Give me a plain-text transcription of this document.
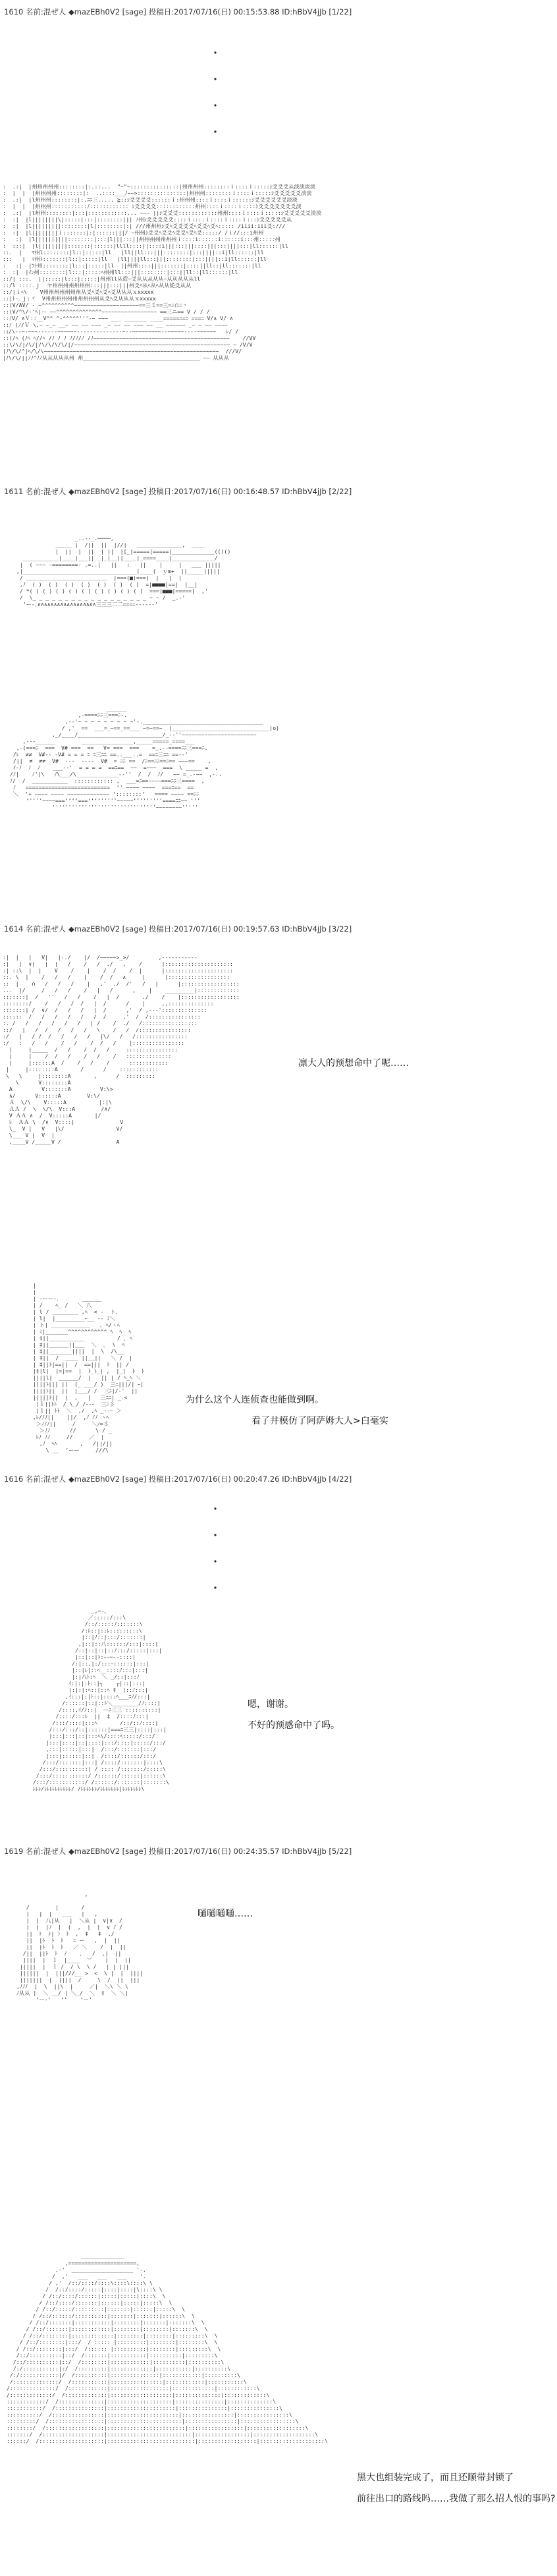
1610 名前:混ぜ人 ◆mazEBh0V2 [sage] 投稿日:2017/07/16(日) 00:15:53.88 ID:hBbV4jJb [1/22]
・
・
・
・
:  .:|  |州州州州州::::::::|:.::...  "~"~:::::::::::::::|州州州州::::::::ｉ::::ｉ:::::ｼ爻爻爻从淡淡淡淡
:  |  |  |州州州州::::::::|:  ..::::___ﾉ~~>:::::::::::::::|州州州::::::::ｉ::::ｉ:::::ｼ爻爻爻爻爻淡淡
:  .:|  |l州州州::::::::|:.ﾆﾆ三..... ≧::ｼ爻爻爻爻::::::ｉ:州州州::::ｉ::::ｉ::::::ｼ爻爻爻爻爻爻淡淡
:  |  |  |州州州:::::::::::ﾉ:::::::::::: ｼ爻爻爻爻::::::::::::州州::::ｉ::::ｉ::::ｼ爻爻爻爻爻爻爻淡
:  .:|  |l州州::::::::|:::|::::::::::::... ~~~ ||ｼ爻爻爻::::::::::::州州::::ｉ::::ｉ:::::ｼ爻爻爻爻爻淡淡
:  :|  |l||||||||\|:::::|:::|::::::::||| ﾉ州ｼ爻爻爻爻爻::::ｉ::::ｉ::::ｉ::::ｉ:::ｼ爻爻爻爻爻从
:  :|  |l|||||||||::::::::|l|::::::::|:| ///州州州ｼ爻ﾍ爻爻爻爻ﾍ爻爻ﾍ爻ﾍ::::: /iiii:iii爻:///
:  :|  |l||||||||ｉ:::::::|:|::::::|||/ ~州州ｼ爻爻ﾍ爻爻ﾍ爻爻ﾍ爻ﾍ爻:::::/ /ｉ//:::i州州
:   :|  |l||||||||||::::::::|:::|l|||:::||州州州州州州州ｉ::::i::::::i::::::i:::州:::::州
:  :::|  |l|||||||||:::::::|::::::|llll::::||::::i|||:::|||::::|||:::||||:::|ll::::::|ll
::.  |   ﾏ州l::::::::|l::|:::::|ll   |ll||ll:::|||::::::::|:::||||::i|ll::::::|ll
:::   |  ﾏ州ﾄ:::::::|l::|:::::|ll   |ll||||ll:::|||::::::::|:::||||::i|ll::::::|ll
:   :|  |ﾌﾄ州::::::::|l:::|:::::|ll  ||州州::::|||:::::::|::::||ll::|ll:::::::|ll
:  :|  |ｲﾝ州::::::::|l:::|:::::ﾍ州州ll:::|||::::::::|:::||ll::|ll::::::|ll
::/| :::.  ||:::::|l:::|:::::|州州ll从從~爻从从从从从~从从从从从ll
::/l ::::.ｊ  ヤ州州州州州州州:::|||:::|||州爻ﾍ从ﾍ从ﾍ从从從爻从从
::/|ｉﾍ\    V州州州州州州州从爻ﾍ爻ﾍ爻ﾍ爻从从从ｘxxxxx
::|ﾄ-.ｊ:ヾ  V州州州州州州州州州州从爻ﾍ爻从从从ｘxxxxx
::(V/AV/ -_~^^^^^^^^^^~~~~~~~~~~~~~~~~~~~~==三ミ==三=ﾆｲﾆﾆ丶
::(V/^\/-'ﾍ|ー ~~^^^^^^^^^^^^^^~~~~~~~~~~~~~~~~~ ==三ニ== V / / /
::ﾉV/ ∧Ｖ::__V^^ ^-^^^^^'''-~ ~~~ ___ _______ ____=====ﾆ=ﾆ ===ﾆ V/∧ V/ ∧
::ﾉ (ﾉ/Ｖ \,~ ~_~ __~ ~~ ~~ ~~~ _~ ~~ ~~ ~~~ ~~ __ ~~~~~~ _~ ~ ~~ ~~~~
:ｨ/\--~-~~~------~~~~~~--------------~--~~~~~~~~~--~~~~~----~~~~~~   ﾚ/ /
::(/ﾍ (ﾉﾍ ﾍ//ﾍ /ﾉ ﾉ ﾉ ﾉ/ﾉ/ﾉ /ﾉ~~~~~~~~~~~~~~~~~~~~~~~~~~~~~~~~~~~~~~~~~~    //VV
::\/\/|/\/|/\/\/\/\/|/~~~~~~~~~~~~~~~~~~~~~~~~~~~~~~~~~~~~~~~~~~~~~~~~ ~ /V/V
|ﾉ\/\/^|ﾍ/\/\~~~~~~~~~~~~~~~~~~~~~~~~~~~~~~~~~~~~~~~~~~~~~~~~~~~~~~  ///V/
|ﾉ\/\/||ﾉﾉ^ﾉﾉ从从从从从州 州____________________________________ ~~ 从从从
1611 名前:混ぜ人 ◆mazEBh0V2 [sage] 投稿日:2017/07/16(日) 00:16:48.57 ID:hBbV4jJb [2/22]
_..--_.────,
_____ |  /||  ||  |//|   ______________,  ____
|  ||  |  ||  | ||  |[_|=====|=====|_____________(()()
___________|____|___|| _|_|__||____|_====____|_____________/
|  ( ~~~ -========- .=..|   ||   :   ||    |     |   ___ |||||
,|___________________________________|____(  ｙm+  ||_____|||||
/ ＿＿＿＿＿＿＿＿＿＿＿＿＿＿＿  |===(■)===|  |   |  |
,ﾉ  ( )  ( )  ( )  ( )  ( )  ( )  ( )  =|■■■■|==|  |__|
/ *( ) ( ) ( ) ( ) ( ) ( ) ( ) ( ) ( )  ===|■■■|=====|  ,'
/  \_ _ _ _ _ _ _ _ _ _ _ _ _ _ _ _ _ _ ~ ~ /  _.-'
‘ー-､∧∧∧∧∧∧∧∧∧∧∧∧∧∧∧∧∧∧三三三二二===ﾆ------'
______
,-====ﾆﾆ三===ﾆ-.
,--'~ ~ ~ ~ ~ ~ ~ ~ ~'-._____________________________________
/ ,'  ==  ___=_~==_==___ ~=~==~  |______________________________|o)
,_/____/__________________________/_-‐''~~~~~~~~~~~~~~~~~~~~~~~
,---______        ________________,_____=====_====___
,-(===ﾆ  ===  V# ===  ==   V= ===  ===    =_.--====ﾆﾆ三===ﾆ,
/ﾚ  ≠≠  V#-- -V# = = = ﾆ ﾆ三ﾆﾆ ==..___..=  ==ﾆ三ﾆﾆ ==--'
/||  ≠  ≠≠  V#  ---  ----  V#  = ﾆﾆ ==  /ﾆ==ﾆﾆ==ﾆ== ~~~==    ,
ｲ-ﾉ  ﾉ  ﾉ    ___--'  = = = =  ==ﾆ==  ~~  =~~~  ===  \ _____ =  ,
/ﾉ|    ﾉ'|\   ﾉ\___/\_____________--''  /  /  ﾉ/   ~~ =_.-~~  ,-..
ﾉ/  /  ___________  :::::::::::: ,  ___=ﾆ==~~~~===ﾆﾆ三====  ,
ﾉ   ==========================  ‘' ~~~~ ~~~~  ===ﾆ==  ==
＼  ‘+ ~~~~ ~~~~ ~~~~~~~~~~~~~ ‘::::::::‘   ==== ~~~~ ==ﾆﾆ
‘''''~~~~===‘‘‘‘===‘‘‘‘'''''~~~~~‘‘'''''''====ﾆﾆ~~ '''
''''''''''''''''''''''''''''''''~~~~~~~~'''''
1614 名前:混ぜ人 ◆mazEBh0V2 [sage] 投稿日:2017/07/16(日) 00:19:57.63 ID:hBbV4jJb [3/22]
:|  |   |   V|   |:./    |/  /~~~~~>_>/         ,-----------
:|   |  ∨|   |  |   /    /   /  ./   ,    /      |:::::::::::::::::::::
:| ::\  |  |    V    /    |    /  /    /  |      |:::::::::::::::::::::
::. \  |    /   /   /    |    /  /   ∧     |      |:::::::::::::::::::
::  |    ∩   /   /   /    |   ,'  ./  /'   /   |      |::::::::::::::::::
...  |/     /   /   /    /   |   /      ,    |    _________|:::::::::::::
:::::::|  /   ''   /   /    /   |  /       ./    /    |::::::::::::::::::
::::::::/    /   /   /  /   |  /      /    |     ,,::::::::::::::
:::::::| /  ∨/  /   /   /   |  /      ,'  / ,---'::::::::::::::
::::::  /   /   /   /   /   /  /     ,'  /  /::::::::::::::::
:. /   /   /   /   /   /   | /    /  ./   /:::::::::::::::::
::/   |   /  /   /   /   /   \    /   /  /::::::::::::::::
:/   |   / /  /   /   /   /   |\/   /   /::::::::::::::::
:/   :   /   /    /   /    /  /   /    |::::::::::::::::
|     |_____  /   /    /  /   /     ::::::::::::::::
|     |    /  /   /    /   /    /   ::::::::::::::
|     |:::::.A  /    /   /    /      ::::::::::::
|     |::::::::A       /      /    ::::::::::::
\   \     |::::::::A       ,      /  :::::::::
\      V::::::::A
A         V:::::::A         V:\>
∧/      V::::::A        V:\/
Ａ  \/\    V:::::A          |:|\
ＡＡ /  \  \/\  V:::A        /∧/
V ＡＡ ∧  /  V:::::A       |/
ﾚ  ＡＡ \  /∨  V::::|              V
\_  V |   V   |\/                V/
\___ V |  V  |
,____V /_____V /                 A
凛大人的预想命中了呢……
|
|
| ‐ーー-､       ______
| /    ﾍ_ /   ＼ 八
| l / ________ ,ﾍ  < -  ト､
| l|  |_________ｰ__ -- ﾐ＼
| ト| ____________   ､ ﾍ/ヽﾍ
| ﾐ|_______^^^^^^^^^^^^ ﾍ  ﾍ  ﾍ
| ‡||___________          / ､ ﾍ
| ‡||______||___  ＼  ､  \  ﾍ
| ‡||_______||||  |  \  /\__
| ‡||  /  ____ ||__||   ＼ /  |
| ‡||ﾄ|==||  /  ==|||  ﾄ  || /
|‡|l|  |=|==  |  ﾄ_ﾄ_| ,  |_|  ﾄ  ﾄ
||||l|  ______/  |   || | / ﾍ_ﾍ ＼
||||ﾄ||| ||  (_ ___/ )  三ﾆ|||/| ｰ|
||||ﾄ||  ||  |___/ /  三ﾆ|/-'  ||
|||||ﾄ||  |  ,   |   三ﾆﾆ| _.<
|ｌ||ﾄﾄ  / \_/ /ｰ-ｰ  三ﾆ彡
|ｌ|| ﾄﾄ  ＼  ,/  ,ﾍ _--ｰ ＞
,ﾚ/ﾉﾉ||    ||/  ,ﾉ ﾉﾉ ヽﾍ
＞ﾉﾉﾉ||     /     ＼ﾉ=彡
＞ﾉﾉ      //      \ / _
ﾚﾉ ﾉﾉ     //     ／  |
,ﾉ  ﾍﾍ       ,   /||/||
\ __  ‘ーー     ///\
为什么这个人连侦查也能做到啊。
看了井模仿了阿萨姆大人>白毫实
1616 名前:混ぜ人 ◆mazEBh0V2 [sage] 投稿日:2017/07/16(日) 00:20:47.26 ID:hBbV4jJb [4/22]
・
・
・
・
_,─-、
／:::::/:::\
/::/:::::ﾉ:::::::\
/:ﾚ::|::ﾚ:::::::::\
|::|ﾉ::|:::/:::::::|
,|::|::八::::::/:::|::::|
/::|::|::|::ﾉ:::/:::::|:::|
|::|::|ﾄ:ｰ-─--::::|
/:|::,|:/:::ｰ::::::|:::|
|::|ﾚ|::ﾍ__::::ﾉ:::|:::|
|:|八ﾄ:ﾍ  ＼ _/::|:::ﾉ
ｲ:|:|:ﾄ::|┐    ┌|::|:::|
|:|:|:ﾍ::|::ﾍ ‡  |::ﾉ:::|
,ｲ:::|:|ﾄ::|::::ﾍ___ﾆﾉ/:::|
/::::::|::|::ﾄ＼________/ﾉ::::|
/::::,ｲ/ﾉ::|  ーﾆ三三 ::::::::::|
/::::/:::ﾚ  ||  ‡  /::::ﾉ:::|
/:::/::::|:::ﾍ       /::/::ﾉ::::|
/:::/:::/::|::::::|===ﾆ三三|::::|:::|
|:::|:::|::|:::ﾍ\/::::ﾍ:::::/:::/
|:::|::::|::|::::|:::/::::|:::::/:::/
,:::|:::::|:::|  /:::/:::::::|:::/
|:::|::::::|::|  /::::/::::::/:::/
/:::/:::::::|:::| /::::/:::::::|::::\
/:::/::::::::::| / :::: /:::::::/:::::\
/:::/:::::::::::/ /::::::/::::::|::::::\
/:::/:::::::::::/ /::::::/:::::::|:::::::\
ﾚﾚﾚ/ﾚﾚﾚﾚﾚﾚﾚﾚﾚﾚ/ /ﾚﾚﾚﾚﾚﾚ/ﾚﾚﾚﾚﾚﾚﾚ|ﾚﾚﾚﾚﾚﾚﾚ\
嗯，谢谢。
不好的预感命中了吗。
1619 名前:混ぜ人 ◆mazEBh0V2 [sage] 投稿日:2017/07/16(日) 00:24:35.57 ID:hBbV4jJb [5/22]
,

/        |       /
|   |  |   ___   |   ,
|  |  八|从   |  ＼从 |  ∨|∨  /
|  |  |ﾉ  |  (  ,  |  |  ∨ ﾉ /
||  ﾄ  ﾄ| 〉 ﾄ  ,  ‡   ‡  ,/
||  |ﾄ  ﾄ  ﾄ   ﾆ ー   ,  |  ||
||  |ﾄ  ﾄ  ﾄ   ／ ＼    /  |  ||
/||  ||ﾄ  ﾄ  ﾉ    ､   /  ,|  ||
||||  |  ｌ  |____  ︶    |  |  ||
|||||  |  ｌ /  / \  \ /   | | |||
||||||  |  |||///__ >  <  \ |  |  ||||
|||||||  |  ||||  /     \  /  ||  |||
,ﾉﾉﾉ  |  \  ||\  |     ／|  ＼\ ＼ \
ﾉ从从 |  ＼ __/ | ＼_/  ＼  ‡  ＼ ＼|
‘ー‐'   ‘'    ‘ー'
嗵嗵嗵嗵……
＿＿＿＿＿＿＿＿
,=====================,
,-'  ___________________ '-.
/  ,'   ___   ___   ___    '.
/ ,'  /::/::::/::::\::::\::::\ \
/  /::/::::/:::::|::::|::::|\::::\ \
/ /::/::::/::::::|:::::|:::::|::::\  \
/ /::/::::/:::::::|::::::|:::::|:::::\  \
/ /::/:::::/:::::::::|:::::::|::::::|:::::\  \
/ /::/::::::/::::::::::|:::::::|:::::::|::::::\  \
/ /::/:::::::|:::::::::::|::::::::|:::::::|:::::::\  \
/ /::/:::::::|::::::::::::|::::::::|::::::::|:::::::\  \
/ /::/::::::::|:::::::::::::|::::::::|::::::::|:::::::::\  \
/ /::/::::::::|:::/  / ::::: |:::::::::|::::::::|::::::::\  \
/ /::/::::::::|:::/  /:::::: |::::::::::|::::::::|:::::::::\  \
/::/::::::::::|::/  /:::::::|:::::::::::|::::::::::|:::::::::\
/::/::::::::::|::/  /::::::::|::::::::::::|::::::::::|::::::::::\
/:/:::::::::::|:/  /:::::::::|:::::::::::::|:::::::::::|::::::::::\
/:/::::::::::::|/  /::::::::::|:::::::::::::::|::::::::::::|::::::::::\
/::::::::::::::/  /:::::::::::|::::::::::::::::|::::::::::::|:::::::::::\
/::::::::::::::/  /::::::::::::|::::::::::::::::::|:::::::::::::|::::::::::::\
/:::::::::::::/  /:::::::::::::|:::::::::::::::::::|::::::::::::::|:::::::::::::\
::::::::::::/  /::::::::::::::|::::::::::::::::::::|:::::::::::::::|::::::::::::::\
:::::::::::/  /:::::::::::::::|:::::::::::::::::::::|:::::::::::::::|:::::::::::::::\
::::::::::/  /::::::::::::::::|::::::::::::::::::::::|::::::::::::::::|::::::::::::::::\
:::::::::/  /:::::::::::::::::|:::::::::::::::::::::::|::::::::::::::::|:::::::::::::::::\
::::::::/  /::::::::::::::::::|::::::::::::::::::::::::|:::::::::::::::::|::::::::::::::::::\
:::::::/  /:::::::::::::::::::|::::::::::::::::::::::::::|:::::::::::::::::|:::::::::::::::::::\
::::::/  /::::::::::::::::::::|:::::::::::::::::::::::::::|::::::::::::::::::|::::::::::::::::::::\
黑大也组装完成了，而且还顺带封锁了
前往出口的路线吗……我做了那么招人恨的事吗?
